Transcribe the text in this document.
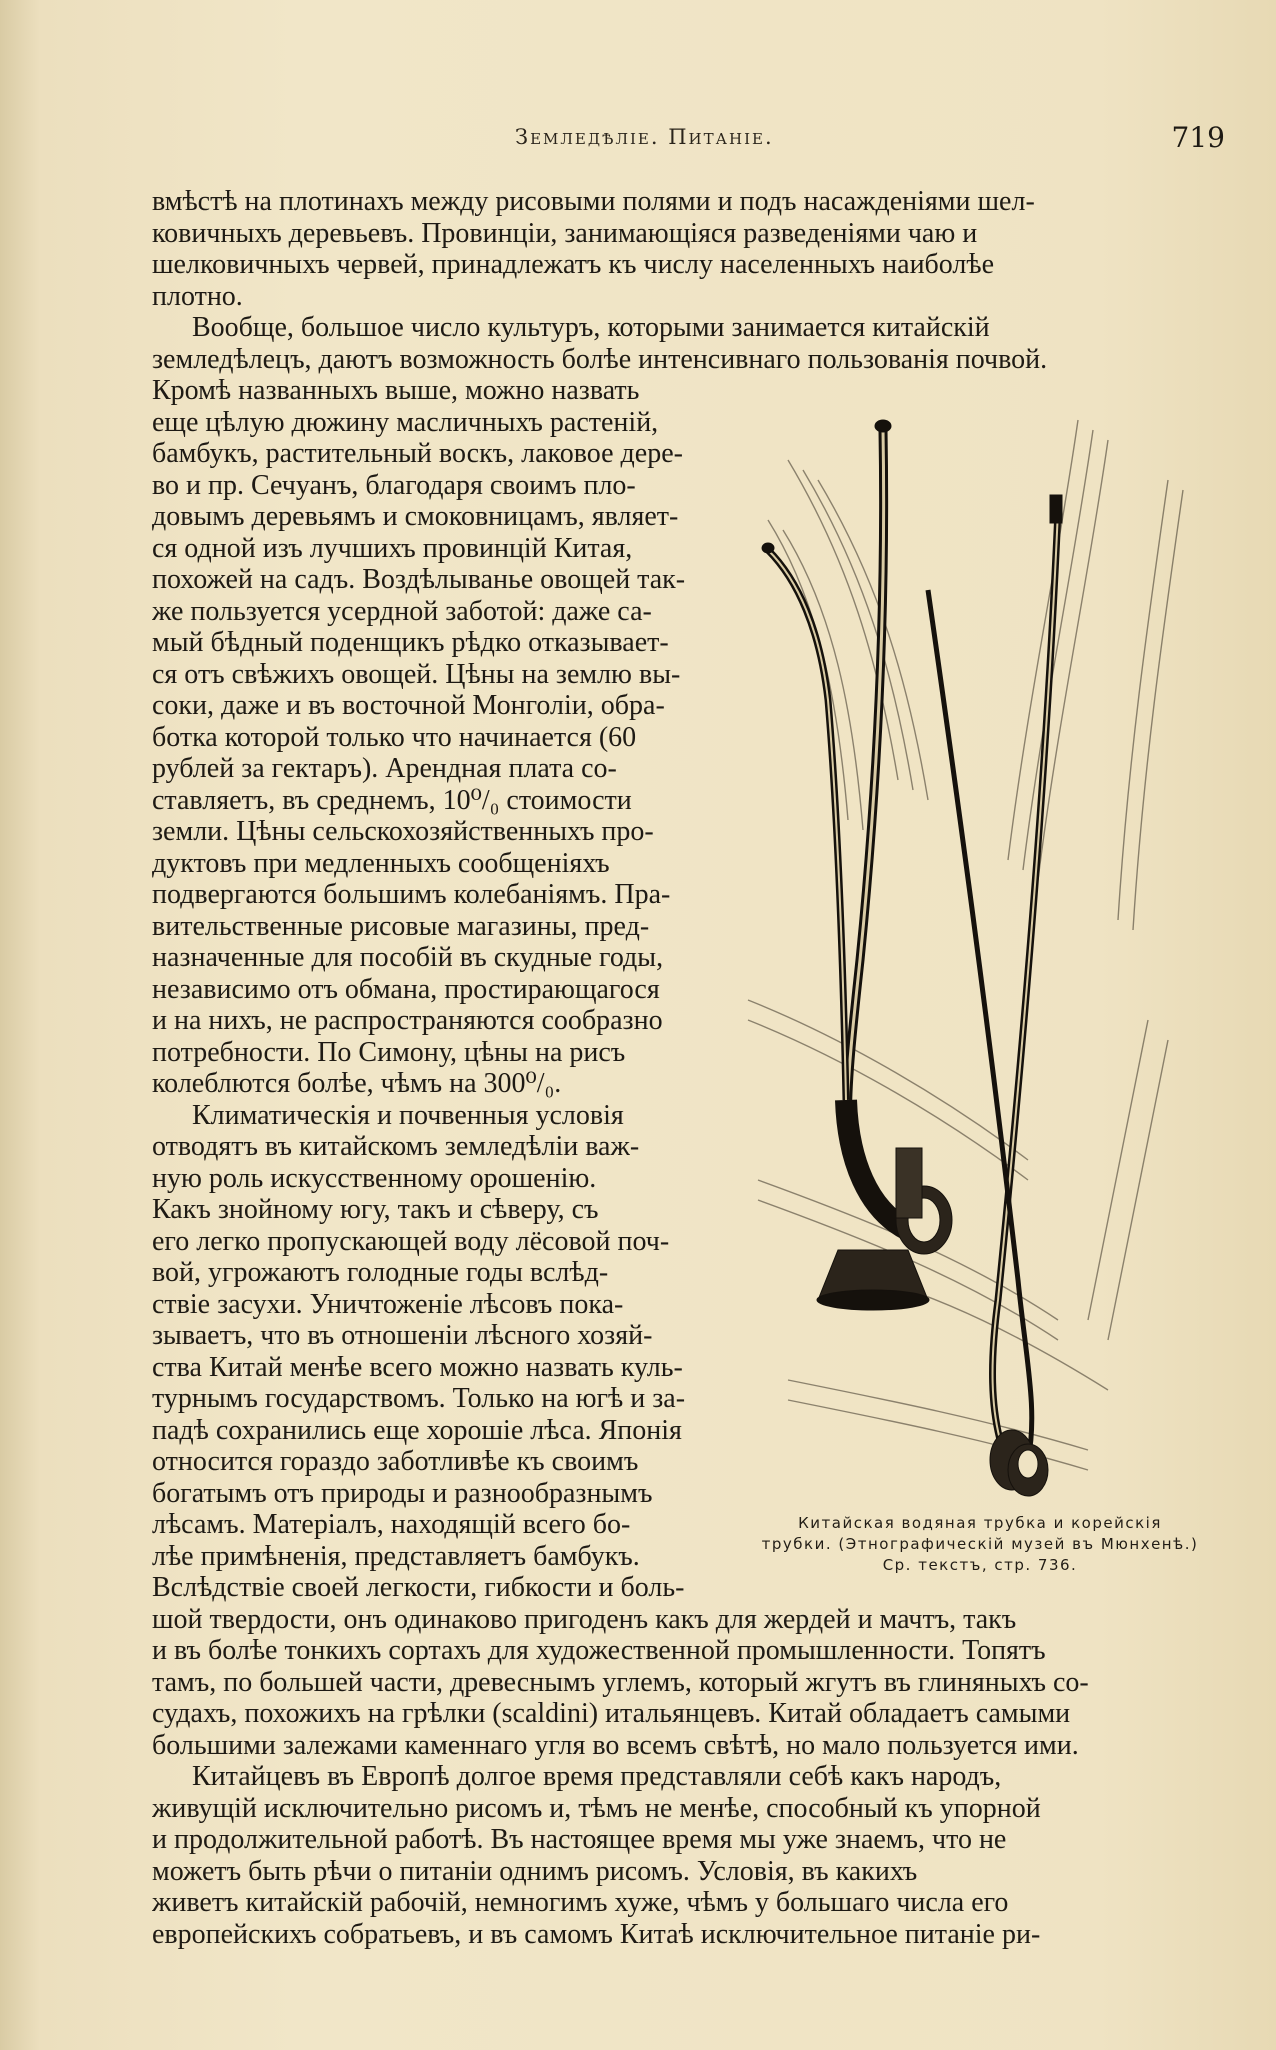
Земледѣліе. Питаніе.	719
вмѣстѣ на плотинахъ между рисовыми полями и подъ насажденіями шел-
ковичныхъ деревьевъ. Провинціи, занимающіяся разведеніями чаю и
шелковичныхъ червей, принадлежатъ къ числу населенныхъ наиболѣе
плотно.
Вообще, большое число культуръ, которыми занимается китайскій
земледѣлецъ, даютъ возможность болѣе интенсивнаго пользованія почвой.
Кромѣ названныхъ выше, можно назвать
еще цѣлую дюжину масличныхъ растеній,
бамбукъ, растительный воскъ, лаковое дере-
во и пр. Сечуанъ, благодаря своимъ пло-
довымъ деревьямъ и смоковницамъ, являет-
ся одной изъ лучшихъ провинцій Китая,
похожей на садъ. Воздѣлыванье овощей так-
же пользуется усердной заботой: даже са-
мый бѣдный поденщикъ рѣдко отказывает-
ся отъ свѣжихъ овощей. Цѣны на землю вы-
соки, даже и въ восточной Монголіи, обра-
ботка которой только что начинается (60
рублей за гектаръ). Арендная плата со-
ставляетъ, въ среднемъ, 10⁰/₀ стоимости
земли. Цѣны сельскохозяйственныхъ про-
дуктовъ при медленныхъ сообщеніяхъ
подвергаются большимъ колебаніямъ. Пра-
вительственные рисовые магазины, пред-
назначенные для пособій въ скудные годы,
независимо отъ обмана, простирающагося
и на нихъ, не распространяются сообразно
потребности. По Симону, цѣны на рисъ
колеблются болѣе, чѣмъ на 300⁰/₀.
Климатическія и почвенныя условія
отводятъ въ китайскомъ земледѣліи важ-
ную роль искусственному орошенію.
Какъ знойному югу, такъ и сѣверу, съ
его легко пропускающей воду лёсовой поч-
вой, угрожаютъ голодные годы вслѣд-
ствіе засухи. Уничтоженіе лѣсовъ пока-
зываетъ, что въ отношеніи лѣсного хозяй-
ства Китай менѣе всего можно назвать куль-
турнымъ государствомъ. Только на югѣ и за-
падѣ сохранились еще хорошіе лѣса. Японія
относится гораздо заботливѣе къ своимъ
богатымъ отъ природы и разнообразнымъ
лѣсамъ. Матеріалъ, находящій всего бо-
лѣе примѣненія, представляетъ бамбукъ.
Вслѣдствіе своей легкости, гибкости и боль-
шой твердости, онъ одинаково пригоденъ какъ для жердей и мачтъ, такъ
и въ болѣе тонкихъ сортахъ для художественной промышленности. Топятъ
тамъ, по большей части, древеснымъ углемъ, который жгутъ въ глиняныхъ со-
судахъ, похожихъ на грѣлки (scaldini) итальянцевъ. Китай обладаетъ самыми
большими залежами каменнаго угля во всемъ свѣтѣ, но мало пользуется ими.
Китайцевъ въ Европѣ долгое время представляли себѣ какъ народъ,
живущій исключительно рисомъ и, тѣмъ не менѣе, способный къ упорной
и продолжительной работѣ. Въ настоящее время мы уже знаемъ, что не
можетъ быть рѣчи о питаніи однимъ рисомъ. Условія, въ какихъ
живетъ китайскій рабочій, немногимъ хуже, чѣмъ у большаго числа его
европейскихъ собратьевъ, и въ самомъ Китаѣ исключительное питаніе ри-
Китайская водяная трубка и корейскія
трубки. (Этнографическій музей въ Мюнхенѣ.)
Ср. текстъ, стр. 736.
